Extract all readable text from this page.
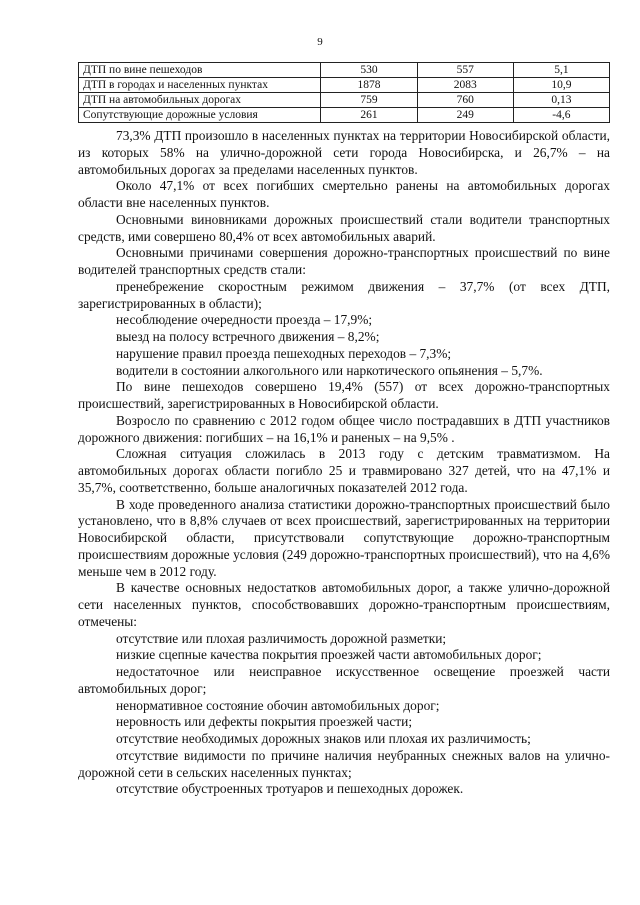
9
ДТП по вине пешеходов	530	557	5,1
ДТП в городах и населенных пунктах	1878	2083	10,9
ДТП на автомобильных дорогах	759	760	0,13
Сопутствующие дорожные условия	261	249	-4,6

73,3% ДТП произошло в населенных пунктах на территории Новосибирской области, из которых 58% на улично-дорожной сети города Новосибирска, и 26,7% – на автомобильных дорогах за пределами населенных пунктов.

Около 47,1% от всех погибших смертельно ранены на автомобильных дорогах области вне населенных пунктов.

Основными виновниками дорожных происшествий стали водители транспортных средств, ими совершено 80,4% от всех автомобильных аварий.

Основными причинами совершения дорожно-транспортных происшествий по вине водителей транспортных средств стали:

пренебрежение скоростным режимом движения – 37,7% (от всех ДТП, зарегистрированных в области);

несоблюдение очередности проезда – 17,9%;

выезд на полосу встречного движения – 8,2%;

нарушение правил проезда пешеходных переходов – 7,3%;

водители в состоянии алкогольного или наркотического опьянения – 5,7%.

По вине пешеходов совершено 19,4% (557) от всех дорожно-транспортных происшествий, зарегистрированных в Новосибирской области.

Возросло по сравнению с 2012 годом общее число пострадавших в ДТП участников дорожного движения: погибших – на 16,1% и раненых – на 9,5% .

Сложная ситуация сложилась в 2013 году с детским травматизмом. На автомобильных дорогах области погибло 25 и травмировано 327 детей, что на 47,1% и 35,7%, соответственно, больше аналогичных показателей 2012 года.

В ходе проведенного анализа статистики дорожно-транспортных происшествий было установлено, что в 8,8% случаев от всех происшествий, зарегистрированных на территории Новосибирской области, присутствовали сопутствующие дорожно-транспортным происшествиям дорожные условия (249 дорожно-транспортных происшествий), что на 4,6% меньше чем в 2012 году.

В качестве основных недостатков автомобильных дорог, а также улично-дорожной сети населенных пунктов, способствовавших дорожно-транспортным происшествиям, отмечены:

отсутствие или плохая различимость дорожной разметки;

низкие сцепные качества покрытия проезжей части автомобильных дорог;

недостаточное или неисправное искусственное освещение проезжей части автомобильных дорог;

ненормативное состояние обочин автомобильных дорог;

неровность или дефекты покрытия проезжей части;

отсутствие необходимых дорожных знаков или плохая их различимость;

отсутствие видимости по причине наличия неубранных снежных валов на улично-дорожной сети в сельских населенных пунктах;

отсутствие обустроенных тротуаров и пешеходных дорожек.
